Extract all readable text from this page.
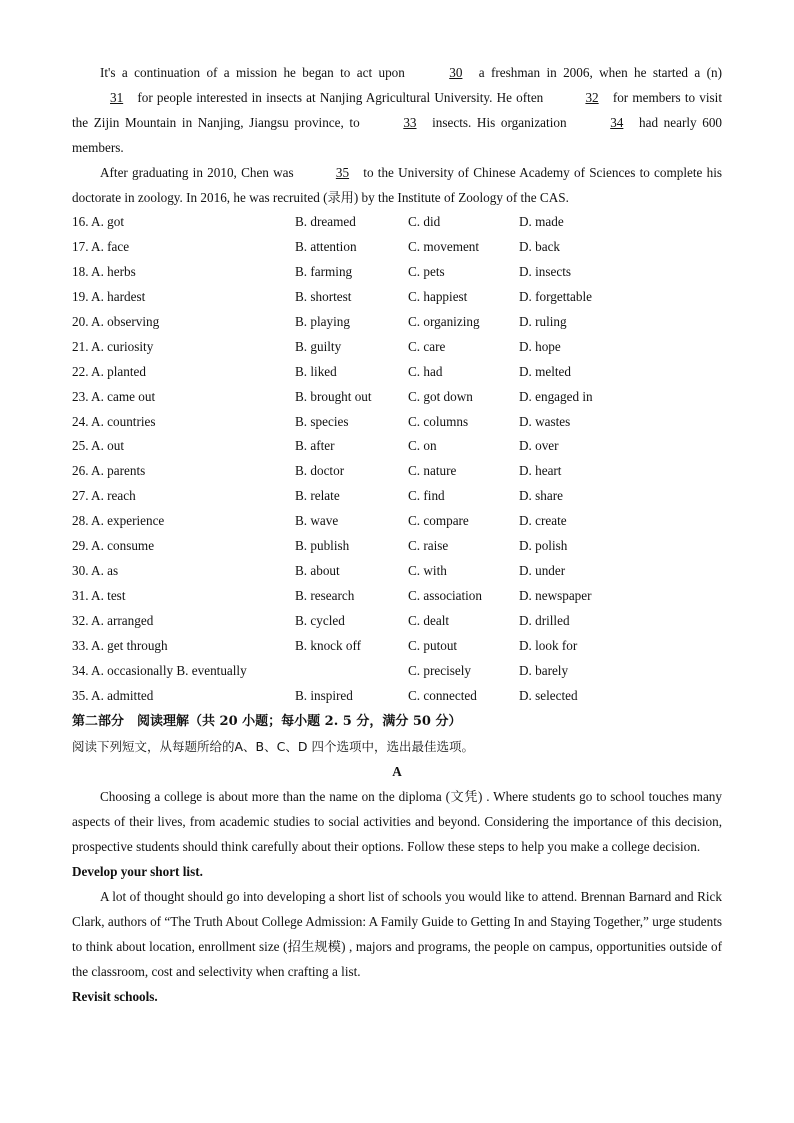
It's a continuation of a mission he began to act upon	30 a freshman in 2006, when he started a (n) 31 for people interested in insects at Nanjing Agricultural University. He often	32 for members to visit the Zijin Mountain in Nanjing, Jiangsu province, to	33 insects. His organization	34 had nearly 600 members.

After graduating in 2010, Chen was	35 to the University of Chinese Academy of Sciences to complete his doctorate in zoology. In 2016, he was recruited (录用) by the Institute of Zoology of the CAS.

16. A. got	B. dreamed	C. did	D. made
17. A. face	B. attention	C. movement	D. back
18. A. herbs	B. farming	C. pets	D. insects
19. A. hardest	B. shortest	C. happiest	D. forgettable
20. A. observing	B. playing	C. organizing	D. ruling
21. A. curiosity	B. guilty	C. care	D. hope
22. A. planted	B. liked	C. had	D. melted
23. A. came out	B. brought out	C. got down	D. engaged in
24. A. countries	B. species	C. columns	D. wastes
25. A. out	B. after	C. on	D. over
26. A. parents	B. doctor	C. nature	D. heart
27. A. reach	B. relate	C. find	D. share
28. A. experience	B. wave	C. compare	D. create
29. A. consume	B. publish	C. raise	D. polish
30. A. as	B. about	C. with	D. under
31. A. test	B. research	C. association	D. newspaper
32. A. arranged	B. cycled	C. dealt	D. drilled
33. A. get through	B. knock off	C. putout	D. look for
34. A. occasionally B. eventually	C. precisely	D. barely
35. A. admitted	B. inspired	C. connected	D. selected

第二部分　阅读理解（共 20 小题；每小题 2. 5 分，满分 50 分）

阅读下列短文，从每题所给的A、B、C、D 四个选项中，选出最佳选项。

A

Choosing a college is about more than the name on the diploma (文凭) . Where students go to school touches many aspects of their lives, from academic studies to social activities and beyond. Considering the importance of this decision, prospective students should think carefully about their options. Follow these steps to help you make a college decision.

Develop your short list.

A lot of thought should go into developing a short list of schools you would like to attend. Brennan Barnard and Rick Clark, authors of “The Truth About College Admission: A Family Guide to Getting In and Staying Together,” urge students to think about location, enrollment size (招生规模) , majors and programs, the people on campus, opportunities outside of the classroom, cost and selectivity when crafting a list.

Revisit schools.
